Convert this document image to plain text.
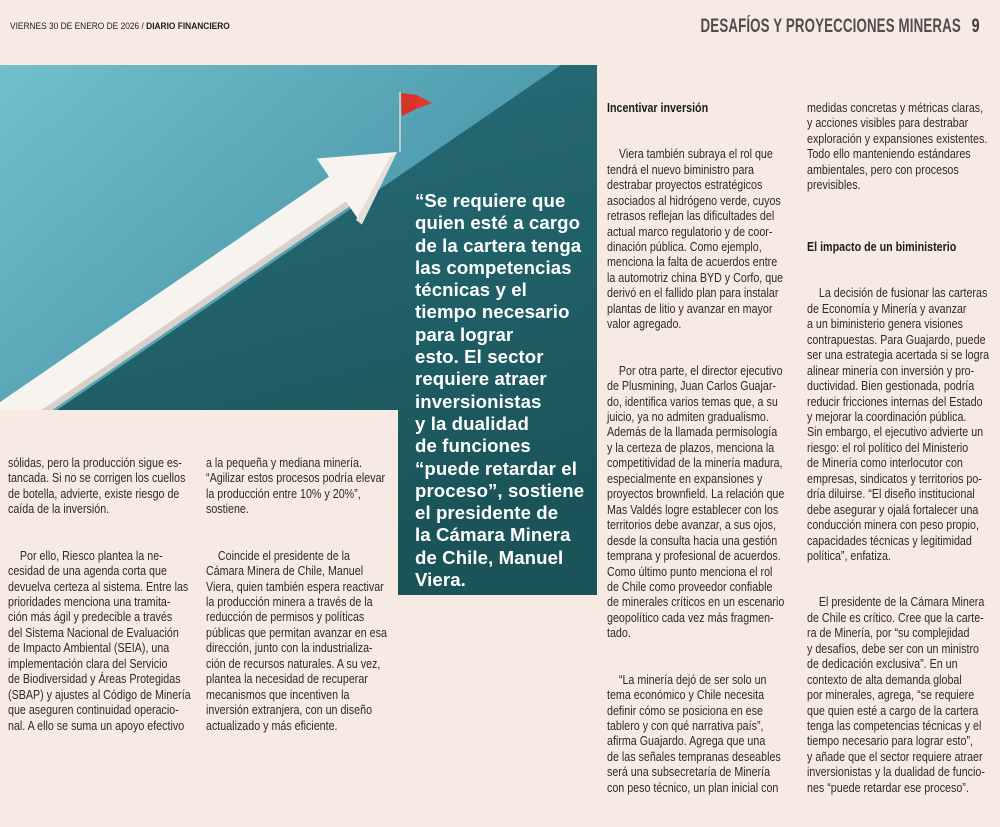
VIERNES 30 DE ENERO DE 2026 / DIARIO FINANCIERO	DESAFÍOS Y PROYECCIONES MINERAS 9
“Se requiere que
quien esté a cargo
de la cartera tenga
las competencias
técnicas y el
tiempo necesario
para lograr
esto. El sector
requiere atraer
inversionistas
y la dualidad
de funciones
“puede retardar el
proceso”, sostiene
el presidente de
la Cámara Minera
de Chile, Manuel
Viera.

sólidas, pero la producción sigue es-
tancada. Si no se corrigen los cuellos
de botella, advierte, existe riesgo de
caída de la inversión.

Por ello, Riesco plantea la ne-
cesidad de una agenda corta que
devuelva certeza al sistema. Entre las
prioridades menciona una tramita-
ción más ágil y predecible a través
del Sistema Nacional de Evaluación
de Impacto Ambiental (SEIA), una
implementación clara del Servicio
de Biodiversidad y Áreas Protegidas
(SBAP) y ajustes al Código de Minería
que aseguren continuidad operacio-
nal. A ello se suma un apoyo efectivo

a la pequeña y mediana minería.
“Agilizar estos procesos podría elevar
la producción entre 10% y 20%”,
sostiene.

Coincide el presidente de la
Cámara Minera de Chile, Manuel
Viera, quien también espera reactivar
la producción minera a través de la
reducción de permisos y políticas
públicas que permitan avanzar en esa
dirección, junto con la industrializa-
ción de recursos naturales. A su vez,
plantea la necesidad de recuperar
mecanismos que incentiven la
inversión extranjera, con un diseño
actualizado y más eficiente.

Incentivar inversión

Viera también subraya el rol que
tendrá el nuevo biministro para
destrabar proyectos estratégicos
asociados al hidrógeno verde, cuyos
retrasos reflejan las dificultades del
actual marco regulatorio y de coor-
dinación pública. Como ejemplo,
menciona la falta de acuerdos entre
la automotriz china BYD y Corfo, que
derivó en el fallido plan para instalar
plantas de litio y avanzar en mayor
valor agregado.

Por otra parte, el director ejecutivo
de Plusmining, Juan Carlos Guajar-
do, identifica varios temas que, a su
juicio, ya no admiten gradualismo.
Además de la llamada permisología
y la certeza de plazos, menciona la
competitividad de la minería madura,
especialmente en expansiones y
proyectos brownfield. La relación que
Mas Valdés logre establecer con los
territorios debe avanzar, a sus ojos,
desde la consulta hacia una gestión
temprana y profesional de acuerdos.
Como último punto menciona el rol
de Chile como proveedor confiable
de minerales críticos en un escenario
geopolítico cada vez más fragmen-
tado.

“La minería dejó de ser solo un
tema económico y Chile necesita
definir cómo se posiciona en ese
tablero y con qué narrativa país”,
afirma Guajardo. Agrega que una
de las señales tempranas deseables
será una subsecretaría de Minería
con peso técnico, un plan inicial con

medidas concretas y métricas claras,
y acciones visibles para destrabar
exploración y expansiones existentes.
Todo ello manteniendo estándares
ambientales, pero con procesos
previsibles.

El impacto de un biministerio

La decisión de fusionar las carteras
de Economía y Minería y avanzar
a un biministerio genera visiones
contrapuestas. Para Guajardo, puede
ser una estrategia acertada si se logra
alinear minería con inversión y pro-
ductividad. Bien gestionada, podría
reducir fricciones internas del Estado
y mejorar la coordinación pública.
Sin embargo, el ejecutivo advierte un
riesgo: el rol político del Ministerio
de Minería como interlocutor con
empresas, sindicatos y territorios po-
dría diluirse. “El diseño institucional
debe asegurar y ojalá fortalecer una
conducción minera con peso propio,
capacidades técnicas y legitimidad
política”, enfatiza.

El presidente de la Cámara Minera
de Chile es crítico. Cree que la carte-
ra de Minería, por “su complejidad
y desafíos, debe ser con un ministro
de dedicación exclusiva”. En un
contexto de alta demanda global
por minerales, agrega, “se requiere
que quien esté a cargo de la cartera
tenga las competencias técnicas y el
tiempo necesario para lograr esto”,
y añade que el sector requiere atraer
inversionistas y la dualidad de funcio-
nes “puede retardar ese proceso”.
